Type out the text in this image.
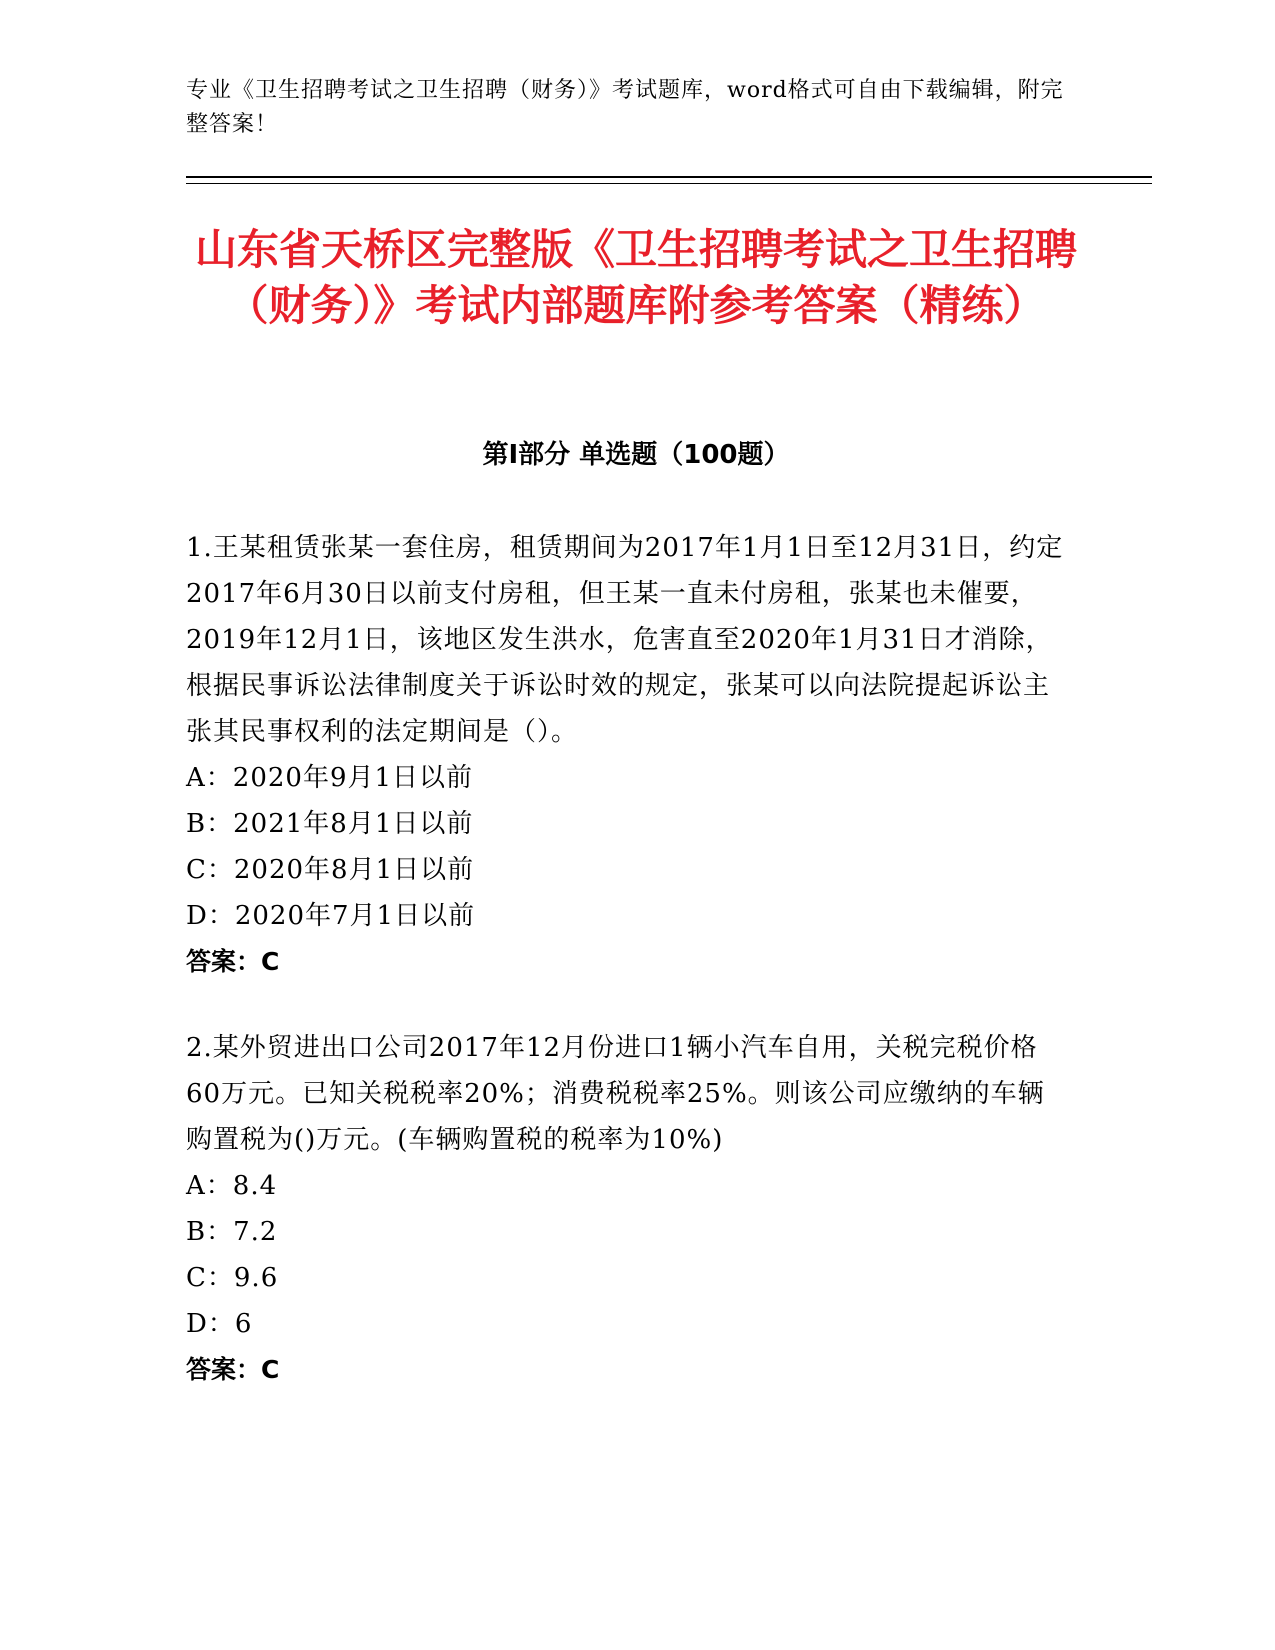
专业《卫生招聘考试之卫生招聘（财务）》考试题库，word格式可自由下载编辑，附完整答案！
山东省天桥区完整版《卫生招聘考试之卫生招聘（财务）》考试内部题库附参考答案（精练）
第I部分 单选题（100题）
1.王某租赁张某一套住房，租赁期间为2017年1月1日至12月31日，约定2017年6月30日以前支付房租，但王某一直未付房租，张某也未催要，2019年12月1日，该地区发生洪水，危害直至2020年1月31日才消除，根据民事诉讼法律制度关于诉讼时效的规定，张某可以向法院提起诉讼主张其民事权利的法定期间是（）。
A：2020年9月1日以前
B：2021年8月1日以前
C：2020年8月1日以前
D：2020年7月1日以前
答案：C
2.某外贸进出口公司2017年12月份进口1辆小汽车自用，关税完税价格60万元。已知关税税率20%；消费税税率25%。则该公司应缴纳的车辆购置税为()万元。(车辆购置税的税率为10%)
A：8.4
B：7.2
C：9.6
D：6
答案：C
